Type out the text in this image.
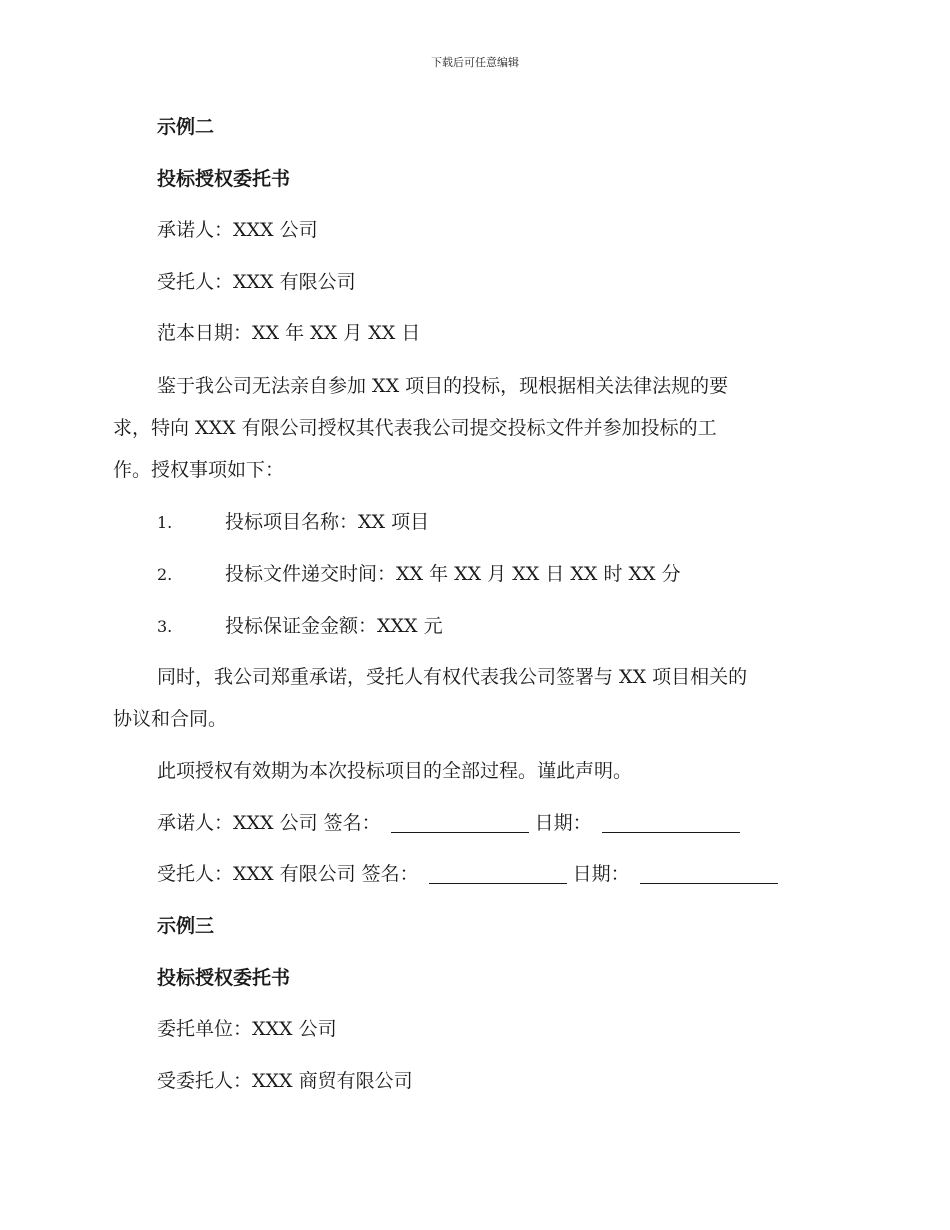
下载后可任意编辑
示例二
投标授权委托书
承诺人：XXX 公司
受托人：XXX 有限公司
范本日期：XX 年 XX 月 XX 日
鉴于我公司无法亲自参加 XX 项目的投标，现根据相关法律法规的要
求，特向 XXX 有限公司授权其代表我公司提交投标文件并参加投标的工
作。授权事项如下：
1.	投标项目名称：XX 项目
2.	投标文件递交时间：XX 年 XX 月 XX 日 XX 时 XX 分
3.	投标保证金金额：XXX 元
同时，我公司郑重承诺，受托人有权代表我公司签署与 XX 项目相关的
协议和合同。
此项授权有效期为本次投标项目的全部过程。谨此声明。
承诺人：XXX 公司 签名：	日期：
受托人：XXX 有限公司 签名：	日期：
示例三
投标授权委托书
委托单位：XXX 公司
受委托人：XXX 商贸有限公司
